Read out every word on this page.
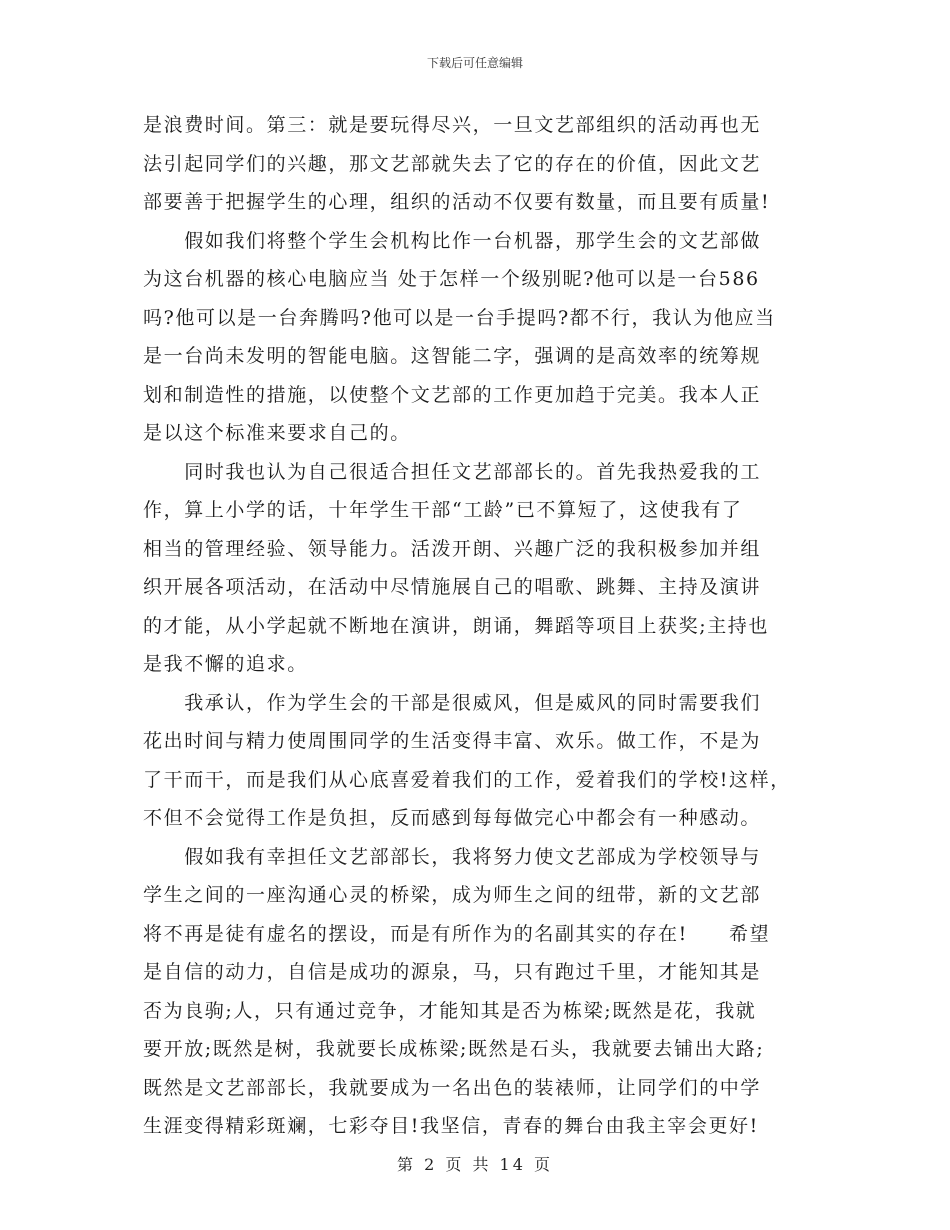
下载后可任意编辑
是浪费时间。第三：就是要玩得尽兴，一旦文艺部组织的活动再也无
法引起同学们的兴趣，那文艺部就失去了它的存在的价值，因此文艺
部要善于把握学生的心理，组织的活动不仅要有数量，而且要有质量!
　　假如我们将整个学生会机构比作一台机器，那学生会的文艺部做
为这台机器的核心电脑应当 处于怎样一个级别昵?他可以是一台586
吗?他可以是一台奔腾吗?他可以是一台手提吗?都不行，我认为他应当
是一台尚未发明的智能电脑。这智能二字，强调的是高效率的统筹规
划和制造性的措施，以使整个文艺部的工作更加趋于完美。我本人正
是以这个标准来要求自己的。
　　同时我也认为自己很适合担任文艺部部长的。首先我热爱我的工
作，算上小学的话，十年学生干部“工龄”已不算短了，这使我有了
相当的管理经验、领导能力。活泼开朗、兴趣广泛的我积极参加并组
织开展各项活动，在活动中尽情施展自己的唱歌、跳舞、主持及演讲
的才能，从小学起就不断地在演讲，朗诵，舞蹈等项目上获奖;主持也
是我不懈的追求。
　　我承认，作为学生会的干部是很威风，但是威风的同时需要我们
花出时间与精力使周围同学的生活变得丰富、欢乐。做工作，不是为
了干而干，而是我们从心底喜爱着我们的工作，爱着我们的学校!这样，
不但不会觉得工作是负担，反而感到每每做完心中都会有一种感动。
　　假如我有幸担任文艺部部长，我将努力使文艺部成为学校领导与
学生之间的一座沟通心灵的桥梁，成为师生之间的纽带，新的文艺部
将不再是徒有虚名的摆设，而是有所作为的名副其实的存在!　　希望
是自信的动力，自信是成功的源泉，马，只有跑过千里，才能知其是
否为良驹;人，只有通过竞争，才能知其是否为栋梁;既然是花，我就
要开放;既然是树，我就要长成栋梁;既然是石头，我就要去铺出大路;
既然是文艺部部长，我就要成为一名出色的装裱师，让同学们的中学
生涯变得精彩斑斓，七彩夺目!我坚信，青春的舞台由我主宰会更好!
第 2 页 共 14 页
